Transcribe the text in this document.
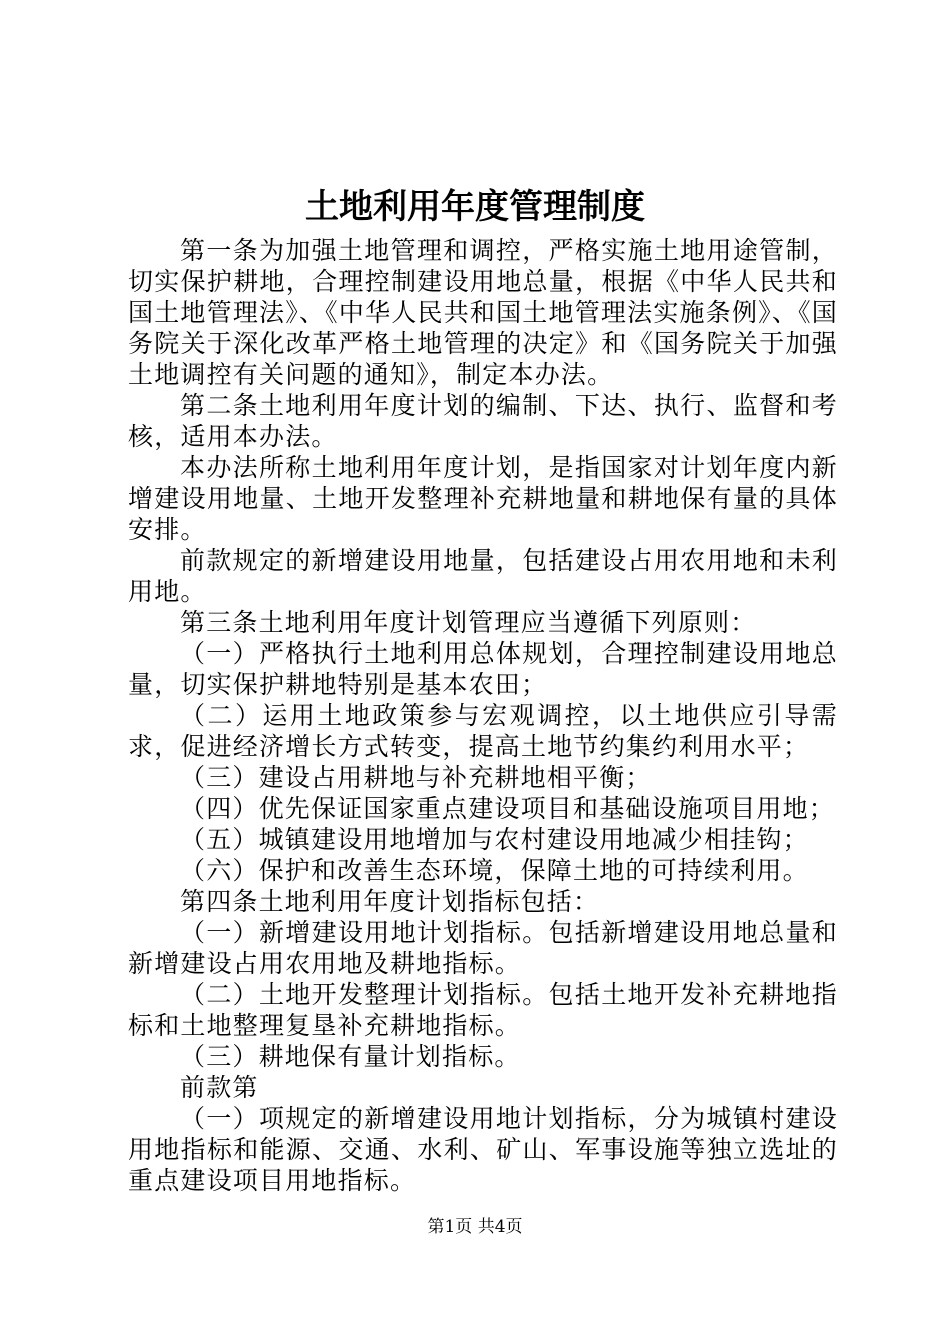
土地利用年度管理制度

第一条为加强土地管理和调控，严格实施土地用途管制，切实保护耕地，合理控制建设用地总量，根据《中华人民共和国土地管理法》、《中华人民共和国土地管理法实施条例》、《国务院关于深化改革严格土地管理的决定》和《国务院关于加强土地调控有关问题的通知》，制定本办法。

第二条土地利用年度计划的编制、下达、执行、监督和考核，适用本办法。

本办法所称土地利用年度计划，是指国家对计划年度内新增建设用地量、土地开发整理补充耕地量和耕地保有量的具体安排。

前款规定的新增建设用地量，包括建设占用农用地和未利用地。

第三条土地利用年度计划管理应当遵循下列原则：

（一）严格执行土地利用总体规划，合理控制建设用地总量，切实保护耕地特别是基本农田；

（二）运用土地政策参与宏观调控，以土地供应引导需求，促进经济增长方式转变，提高土地节约集约利用水平；

（三）建设占用耕地与补充耕地相平衡；

（四）优先保证国家重点建设项目和基础设施项目用地；

（五）城镇建设用地增加与农村建设用地减少相挂钩；

（六）保护和改善生态环境，保障土地的可持续利用。

第四条土地利用年度计划指标包括：

（一）新增建设用地计划指标。包括新增建设用地总量和新增建设占用农用地及耕地指标。

（二）土地开发整理计划指标。包括土地开发补充耕地指标和土地整理复垦补充耕地指标。

（三）耕地保有量计划指标。

前款第

（一）项规定的新增建设用地计划指标，分为城镇村建设用地指标和能源、交通、水利、矿山、军事设施等独立选址的重点建设项目用地指标。

第1页 共4页
